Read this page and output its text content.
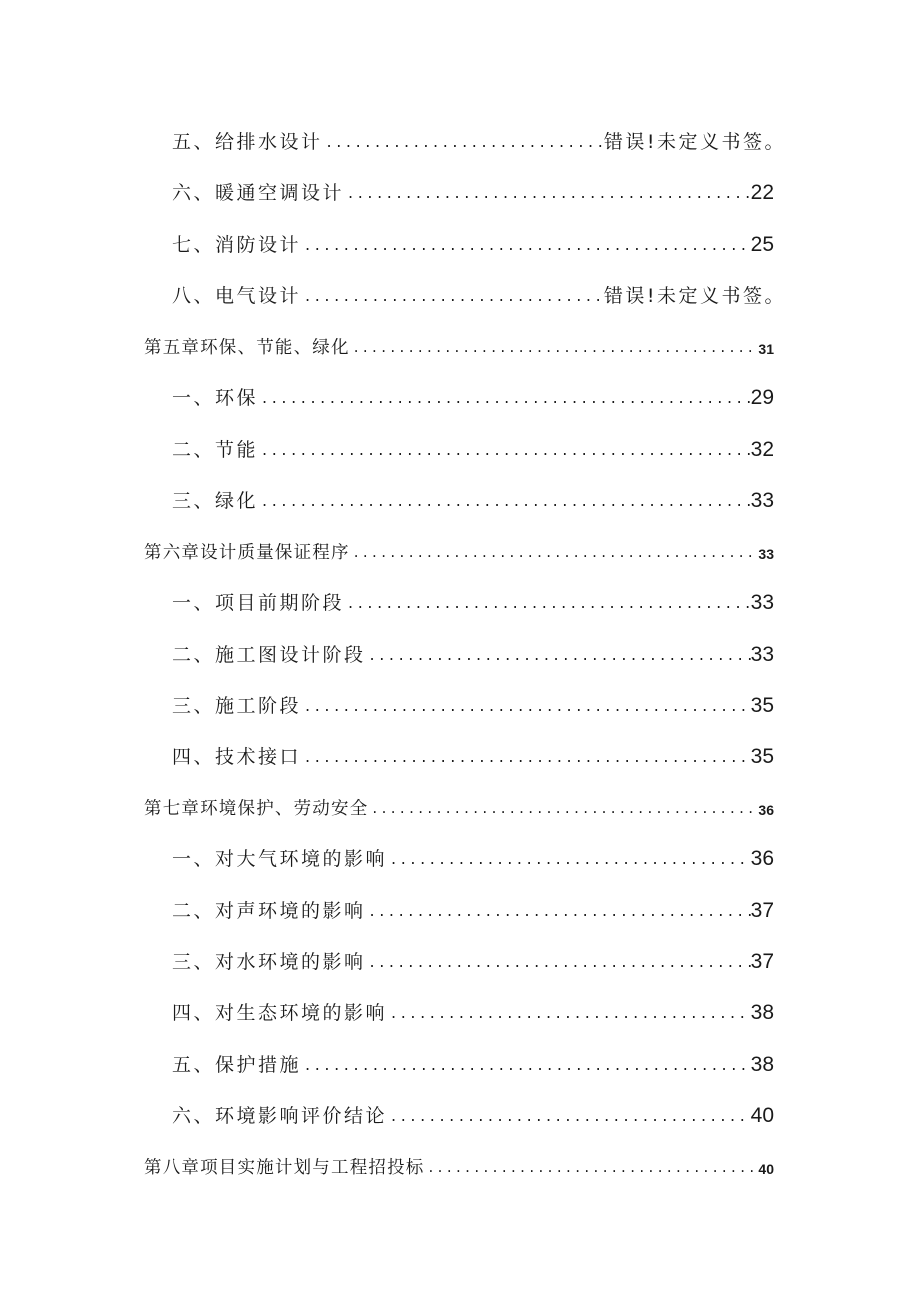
五、给排水设计 .....	错误!未定义书签。
六、暖通空调设计 .....	22
七、消防设计 .....	25
八、电气设计 .....	错误!未定义书签。
第五章环保、节能、绿化 .....	31
一、环保 .....	29
二、节能 .....	32
三、绿化 .....	33
第六章设计质量保证程序 .....	33
一、项目前期阶段 .....	33
二、施工图设计阶段 .....	33
三、施工阶段 .....	35
四、技术接口 .....	35
第七章环境保护、劳动安全 .....	36
一、对大气环境的影响 .....	36
二、对声环境的影响 .....	37
三、对水环境的影响 .....	37
四、对生态环境的影响 .....	38
五、保护措施 .....	38
六、环境影响评价结论 .....	40
第八章项目实施计划与工程招投标 .....	40
